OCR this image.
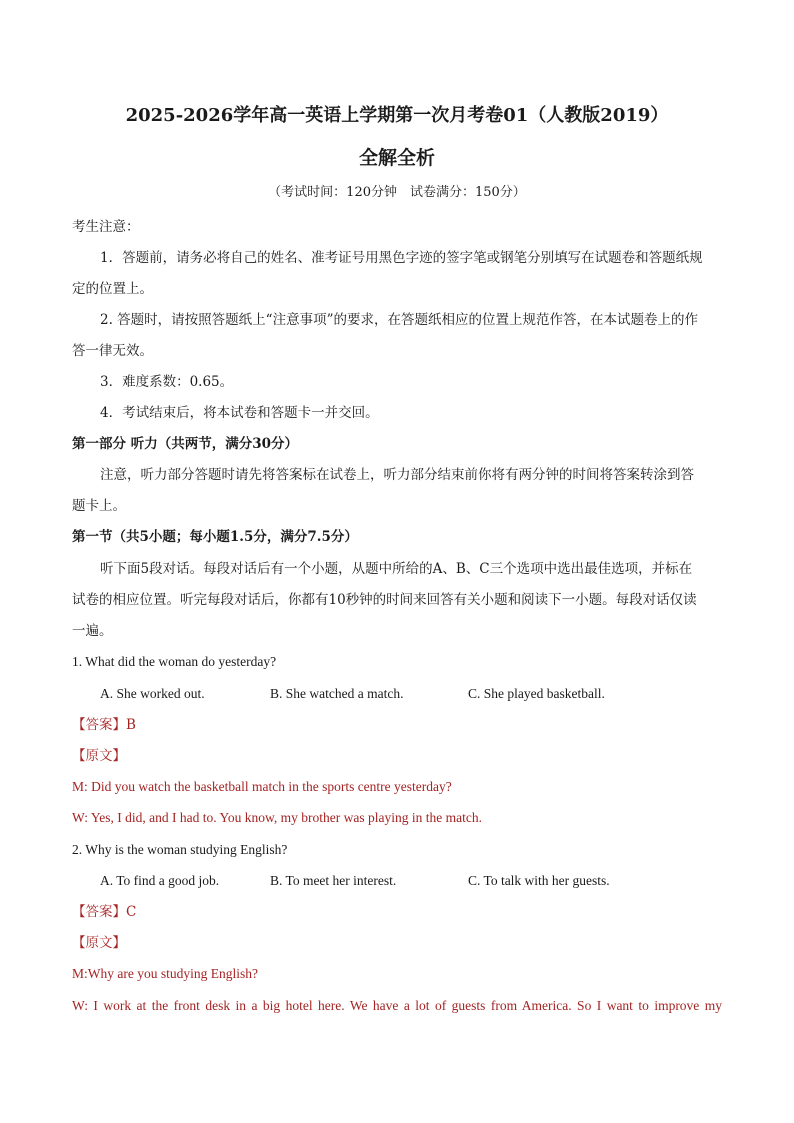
2025-2026学年高一英语上学期第一次月考卷01（人教版2019）
全解全析
（考试时间：120分钟　试卷满分：150分）
考生注意：
1．答题前，请务必将自己的姓名、准考证号用黑色字迹的签字笔或钢笔分别填写在试题卷和答题纸规
定的位置上。
2. 答题时，请按照答题纸上“注意事项”的要求，在答题纸相应的位置上规范作答，在本试题卷上的作
答一律无效。
3．难度系数：0.65。
4．考试结束后，将本试卷和答题卡一并交回。
第一部分 听力（共两节，满分30分）
注意，听力部分答题时请先将答案标在试卷上，听力部分结束前你将有两分钟的时间将答案转涂到答
题卡上。
第一节（共5小题；每小题1.5分，满分7.5分）
听下面5段对话。每段对话后有一个小题，从题中所给的A、B、C三个选项中选出最佳选项，并标在
试卷的相应位置。听完每段对话后，你都有10秒钟的时间来回答有关小题和阅读下一小题。每段对话仅读
一遍。
1. What did the woman do yesterday?
A. She worked out.	B. She watched a match.	C. She played basketball.
【答案】B
【原文】
M: Did you watch the basketball match in the sports centre yesterday?
W: Yes, I did, and I had to. You know, my brother was playing in the match.
2. Why is the woman studying English?
A. To find a good job.	B. To meet her interest.	C. To talk with her guests.
【答案】C
【原文】
M:Why are you studying English?
W: I work at the front desk in a big hotel here. We have a lot of guests from America. So I want to improve my
